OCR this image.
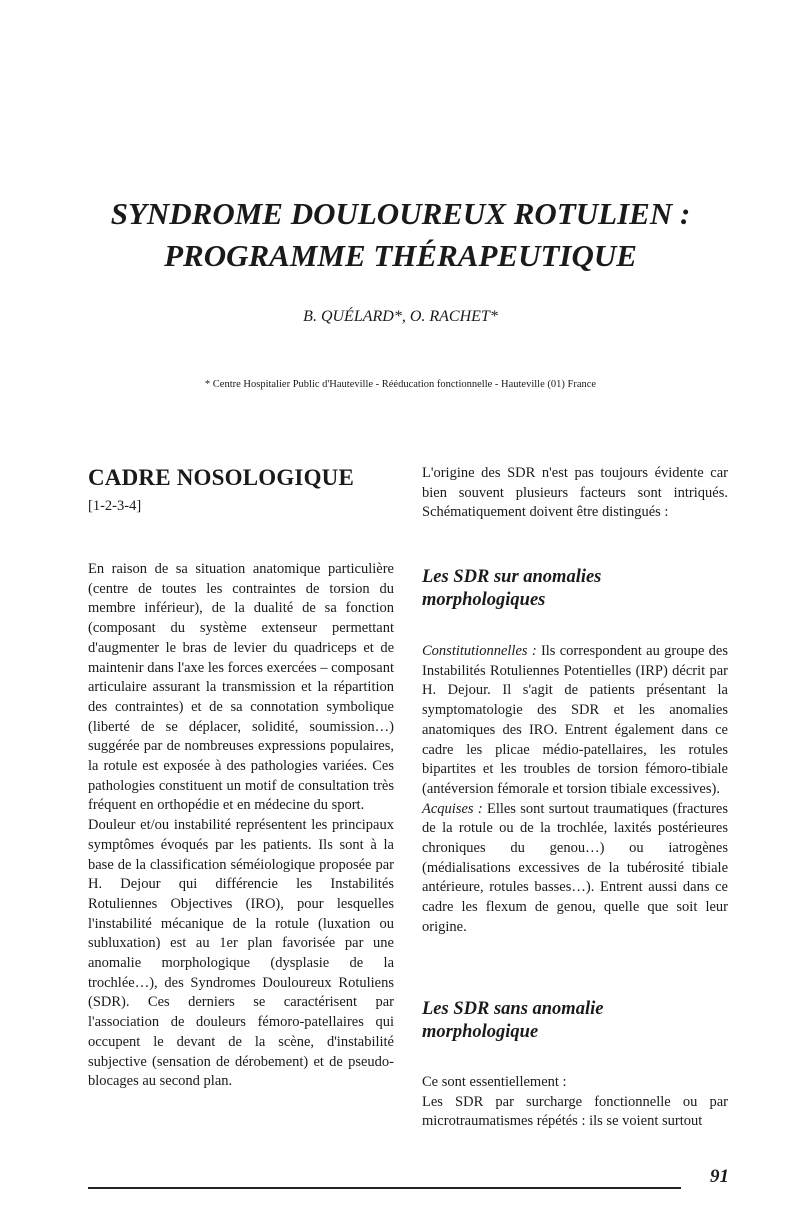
SYNDROME DOULOUREUX ROTULIEN :
PROGRAMME THÉRAPEUTIQUE
B. QUÉLARD*, O. RACHET*
* Centre Hospitalier Public d'Hauteville - Rééducation fonctionnelle - Hauteville (01) France
CADRE NOSOLOGIQUE
[1-2-3-4]

En raison de sa situation anatomique particulière (centre de toutes les contraintes de torsion du membre inférieur), de la dualité de sa fonction (composant du système extenseur permettant d'augmenter le bras de levier du quadriceps et de maintenir dans l'axe les forces exercées – composant articulaire assurant la transmission et la répartition des contraintes) et de sa connotation symbolique (liberté de se déplacer, solidité, soumission…) suggérée par de nombreuses expressions populaires, la rotule est exposée à des pathologies variées. Ces pathologies constituent un motif de consultation très fréquent en orthopédie et en médecine du sport.

Douleur et/ou instabilité représentent les principaux symptômes évoqués par les patients. Ils sont à la base de la classification séméiologique proposée par H. Dejour qui différencie les Instabilités Rotuliennes Objectives (IRO), pour lesquelles l'instabilité mécanique de la rotule (luxation ou subluxation) est au 1er plan favorisée par une anomalie morphologique (dysplasie de la trochlée…), des Syndromes Douloureux Rotuliens (SDR). Ces derniers se caractérisent par l'association de douleurs fémoro-patellaires qui occupent le devant de la scène, d'instabilité subjective (sensation de dérobement) et de pseudo-blocages au second plan.

L'origine des SDR n'est pas toujours évidente car bien souvent plusieurs facteurs sont intriqués. Schématiquement doivent être distingués :

Les SDR sur anomalies
morphologiques

Constitutionnelles : Ils correspondent au groupe des Instabilités Rotuliennes Potentielles (IRP) décrit par H. Dejour. Il s'agit de patients présentant la symptomatologie des SDR et les anomalies anatomiques des IRO. Entrent également dans ce cadre les plicae médio-patellaires, les rotules bipartites et les troubles de torsion fémoro-tibiale (antéversion fémorale et torsion tibiale excessives).

Acquises : Elles sont surtout traumatiques (fractures de la rotule ou de la trochlée, laxités postérieures chroniques du genou…) ou iatrogènes (médialisations excessives de la tubérosité tibiale antérieure, rotules basses…). Entrent aussi dans ce cadre les flexum de genou, quelle que soit leur origine.

Les SDR sans anomalie
morphologique

Ce sont essentiellement :

Les SDR par surcharge fonctionnelle ou par microtraumatismes répétés : ils se voient surtout

91
